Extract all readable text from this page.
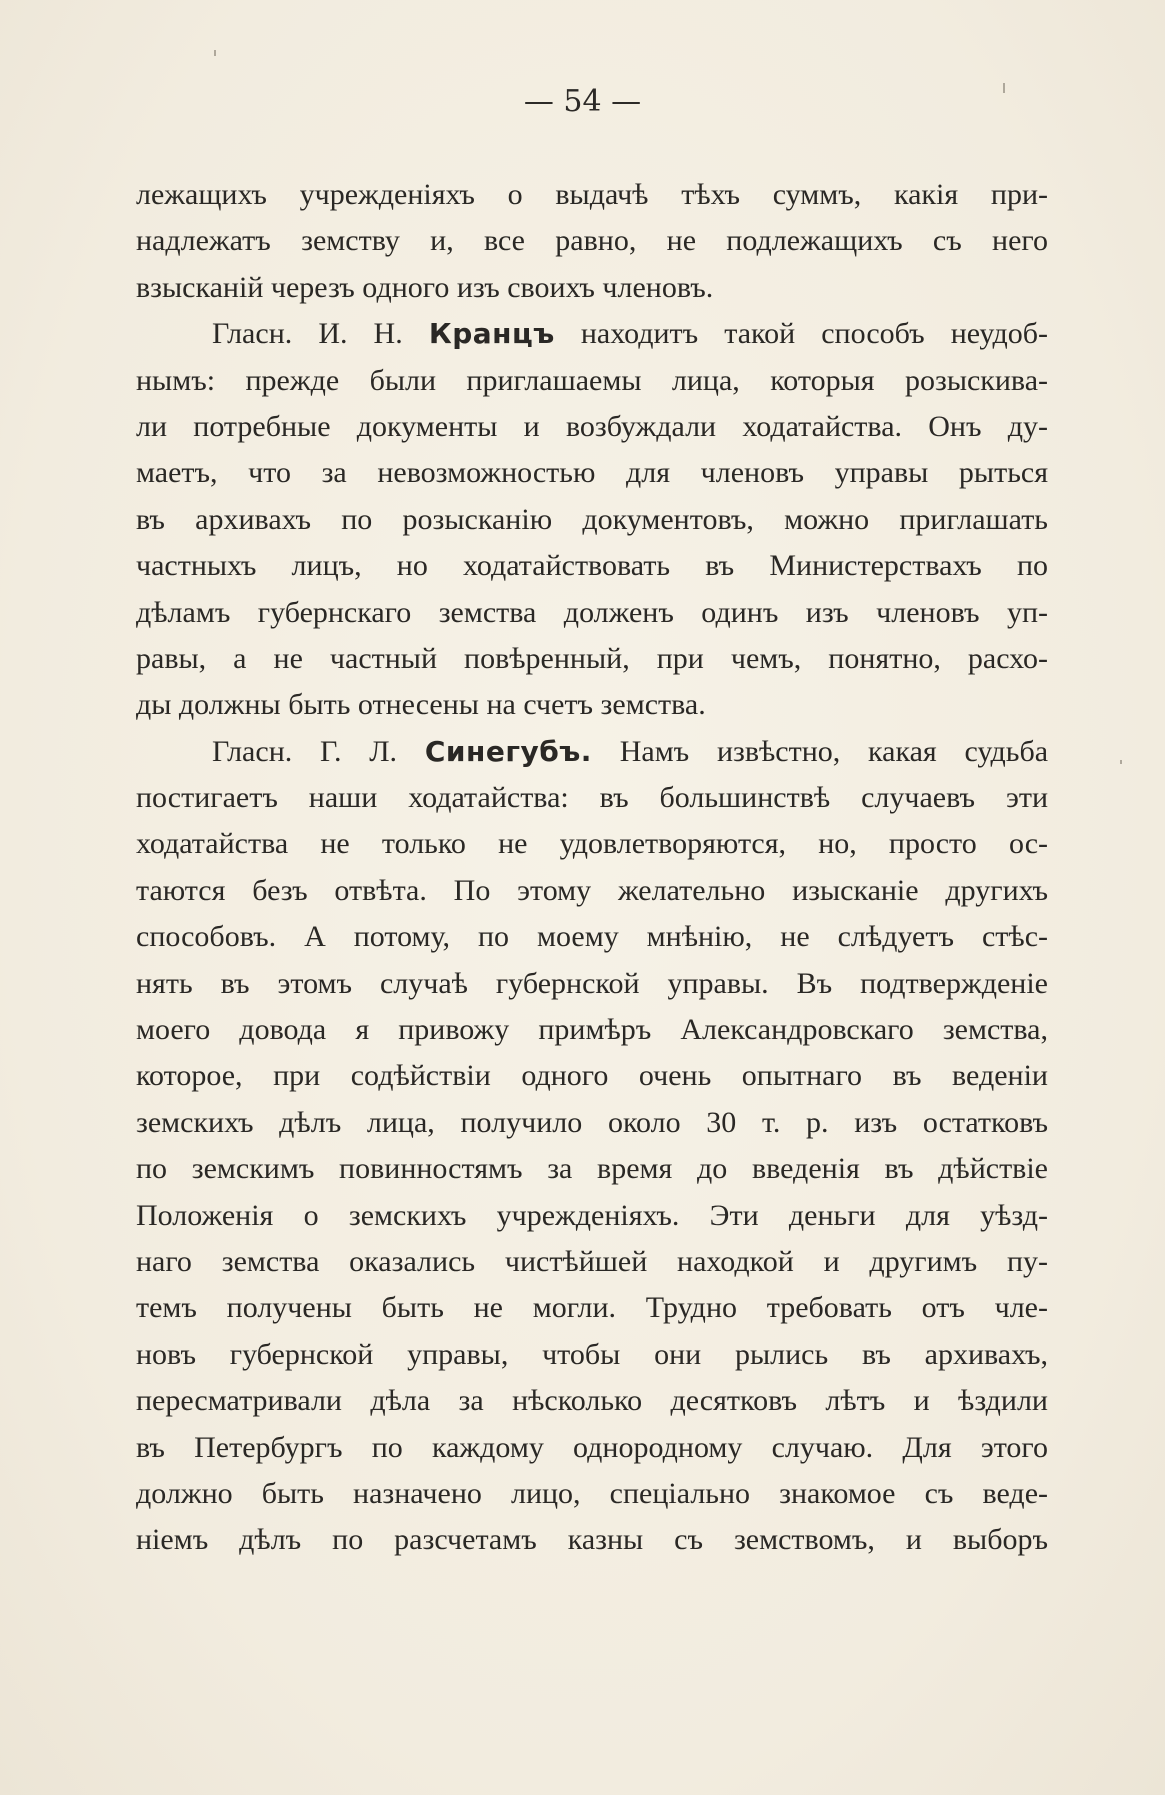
— 54 —
лежащихъ учрежденіяхъ о выдачѣ тѣхъ суммъ, какія при-
надлежатъ земству и, все равно, не подлежащихъ съ него
взысканій черезъ одного изъ своихъ членовъ.
Гласн. И. Н. Кранцъ находитъ такой способъ неудоб-
нымъ: прежде были приглашаемы лица, которыя розыскива-
ли потребные документы и возбуждали ходатайства. Онъ ду-
маетъ, что за невозможностью для членовъ управы рыться
въ архивахъ по розысканію документовъ, можно приглашать
частныхъ лицъ, но ходатайствовать въ Министерствахъ по
дѣламъ губернскаго земства долженъ одинъ изъ членовъ уп-
равы, а не частный повѣренный, при чемъ, понятно, расхо-
ды должны быть отнесены на счетъ земства.
Гласн. Г. Л. Синегубъ. Намъ извѣстно, какая судьба
постигаетъ наши ходатайства: въ большинствѣ случаевъ эти
ходатайства не только не удовлетворяются, но, просто ос-
таются безъ отвѣта. По этому желательно изысканіе другихъ
способовъ. А потому, по моему мнѣнію, не слѣдуетъ стѣс-
нять въ этомъ случаѣ губернской управы. Въ подтвержденіе
моего довода я привожу примѣръ Александровскаго земства,
которое, при содѣйствіи одного очень опытнаго въ веденіи
земскихъ дѣлъ лица, получило около 30 т. р. изъ остатковъ
по земскимъ повинностямъ за время до введенія въ дѣйствіе
Положенія о земскихъ учрежденіяхъ. Эти деньги для уѣзд-
наго земства оказались чистѣйшей находкой и другимъ пу-
темъ получены быть не могли. Трудно требовать отъ чле-
новъ губернской управы, чтобы они рылись въ архивахъ,
пересматривали дѣла за нѣсколько десятковъ лѣтъ и ѣздили
въ Петербургъ по каждому однородному случаю. Для этого
должно быть назначено лицо, спеціально знакомое съ веде-
ніемъ дѣлъ по разсчетамъ казны съ земствомъ, и выборъ
